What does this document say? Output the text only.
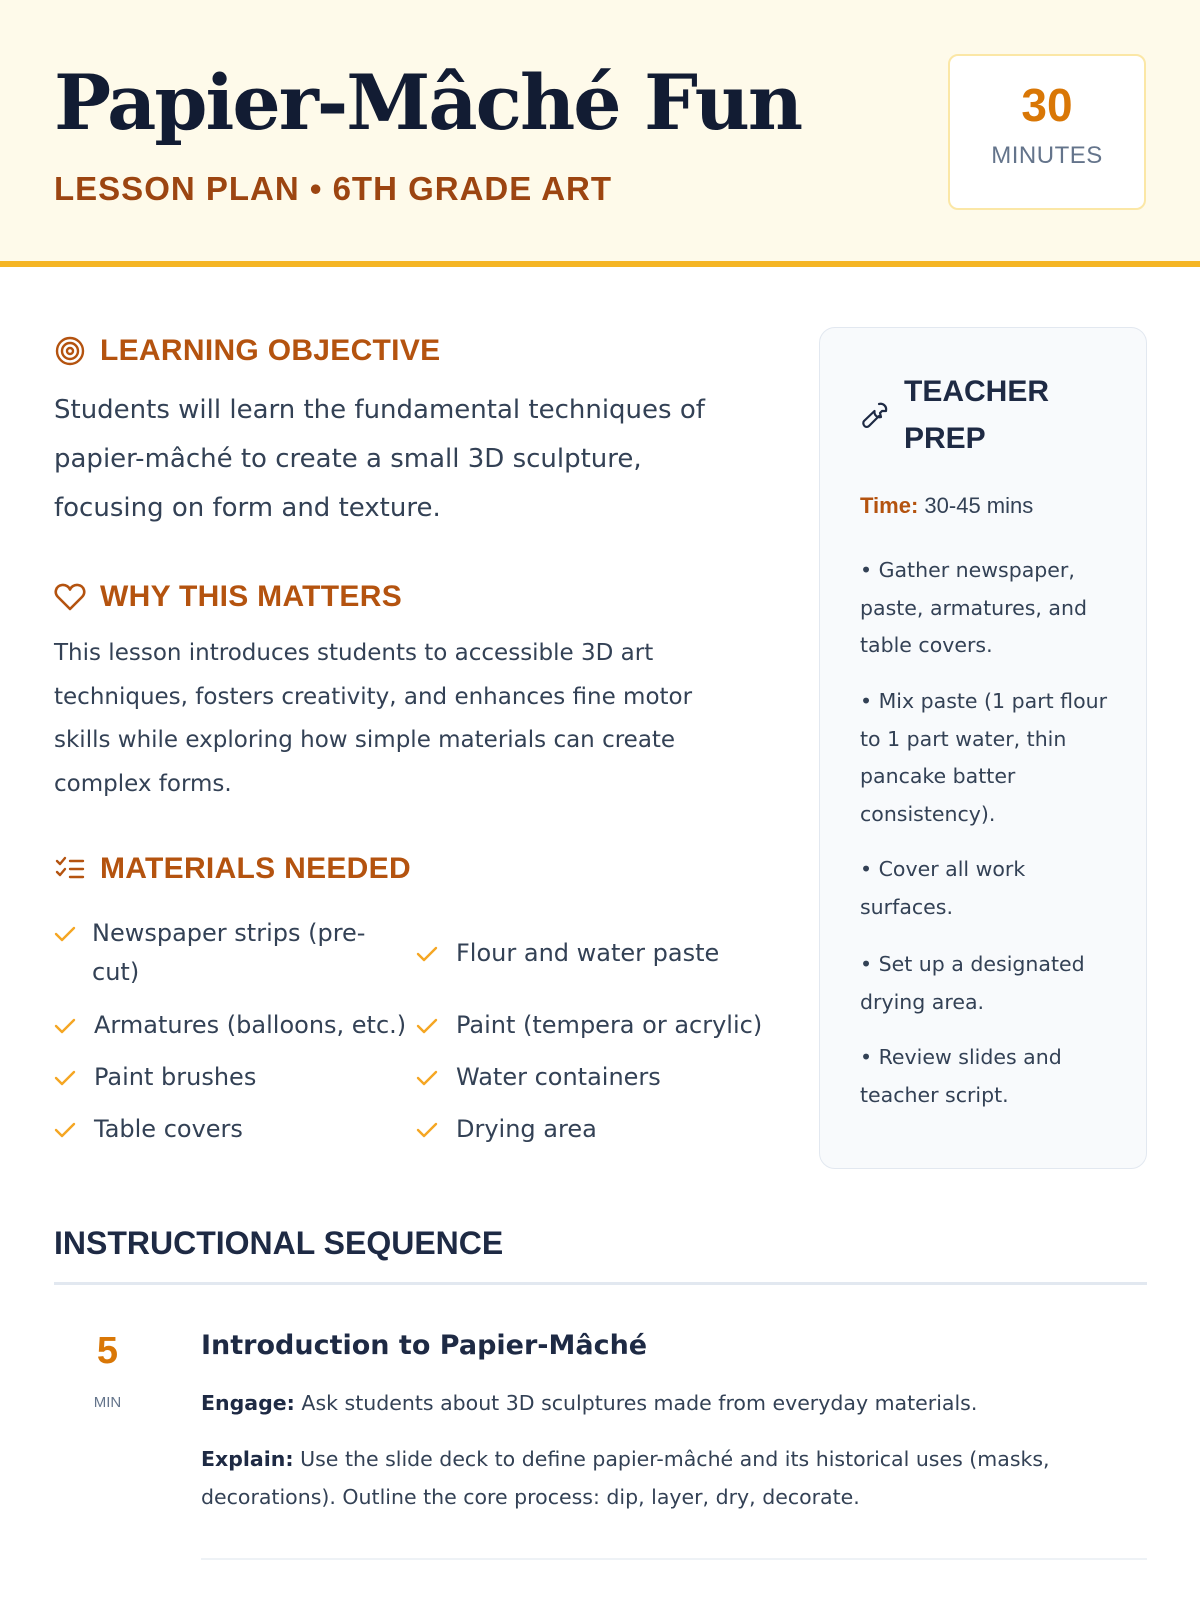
Papier-Mâché Fun
LESSON PLAN • 6TH GRADE ART
30
MINUTES
LEARNING OBJECTIVE
Students will learn the fundamental techniques of papier-mâché to create a small 3D sculpture, focusing on form and texture.
WHY THIS MATTERS
This lesson introduces students to accessible 3D art techniques, fosters creativity, and enhances fine motor skills while exploring how simple materials can create complex forms.
MATERIALS NEEDED
Newspaper strips (pre-cut)
Flour and water paste
Armatures (balloons, etc.) Paint (tempera or acrylic)
Paint brushes	Water containers
Table covers	Drying area
TEACHER PREP
Time: 30-45 mins
• Gather newspaper, paste, armatures, and table covers.
• Mix paste (1 part flour to 1 part water, thin pancake batter consistency).
• Cover all work surfaces.
• Set up a designated drying area.
• Review slides and teacher script.
INSTRUCTIONAL SEQUENCE
5
MIN
Introduction to Papier-Mâché
Engage: Ask students about 3D sculptures made from everyday materials.
Explain: Use the slide deck to define papier-mâché and its historical uses (masks, decorations). Outline the core process: dip, layer, dry, decorate.
